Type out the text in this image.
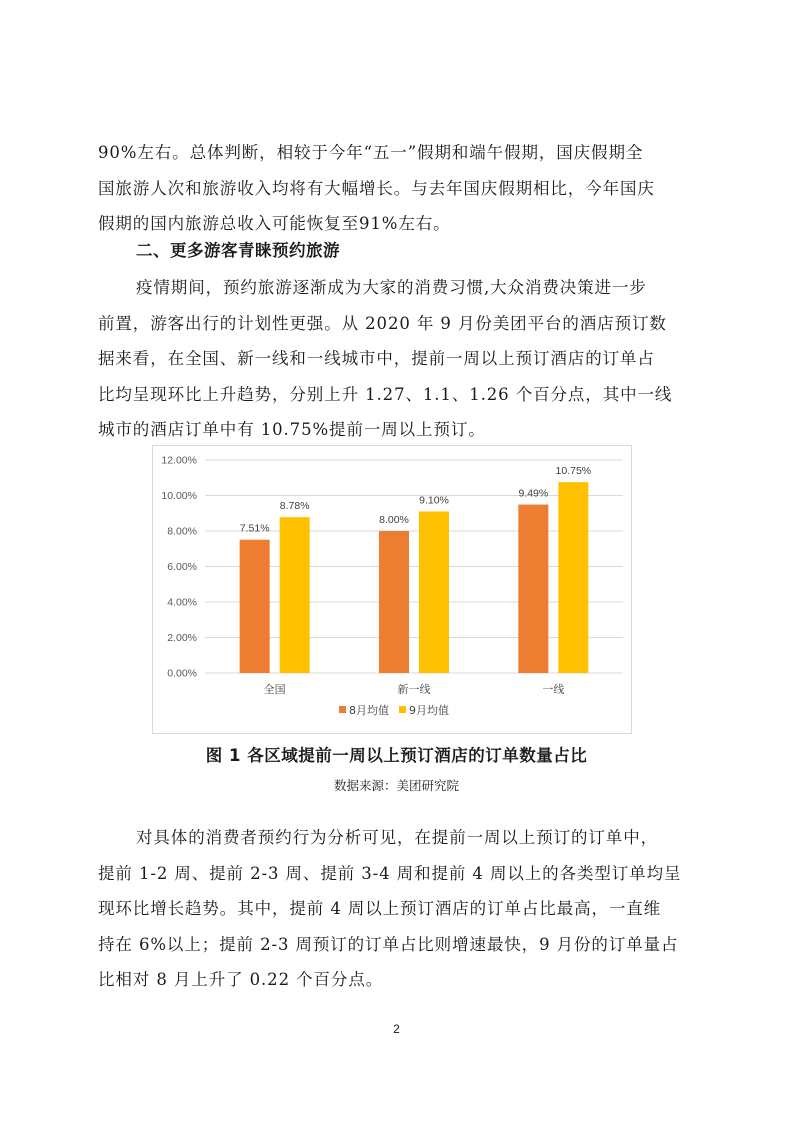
90%左右。总体判断，相较于今年“五一”假期和端午假期，国庆假期全
国旅游人次和旅游收入均将有大幅增长。与去年国庆假期相比，今年国庆
假期的国内旅游总收入可能恢复至91%左右。
二、更多游客青睐预约旅游
疫情期间，预约旅游逐渐成为大家的消费习惯,大众消费决策进一步
前置，游客出行的计划性更强。从 2020 年 9 月份美团平台的酒店预订数
据来看，在全国、新一线和一线城市中，提前一周以上预订酒店的订单占
比均呈现环比上升趋势，分别上升 1.27、1.1、1.26 个百分点，其中一线
城市的酒店订单中有 10.75%提前一周以上预订。
0.00%
2.00%
4.00%
6.00%
8.00%
10.00%
12.00%
7.51%
8.78%
全国
8.00%
9.10%
新一线
9.49%
10.75%
一线
8月均值 9月均值
图 1 各区域提前一周以上预订酒店的订单数量占比
数据来源：美团研究院
对具体的消费者预约行为分析可见，在提前一周以上预订的订单中，
提前 1-2 周、提前 2-3 周、提前 3-4 周和提前 4 周以上的各类型订单均呈
现环比增长趋势。其中，提前 4 周以上预订酒店的订单占比最高，一直维
持在 6%以上；提前 2-3 周预订的订单占比则增速最快，9 月份的订单量占
比相对 8 月上升了 0.22 个百分点。
2
